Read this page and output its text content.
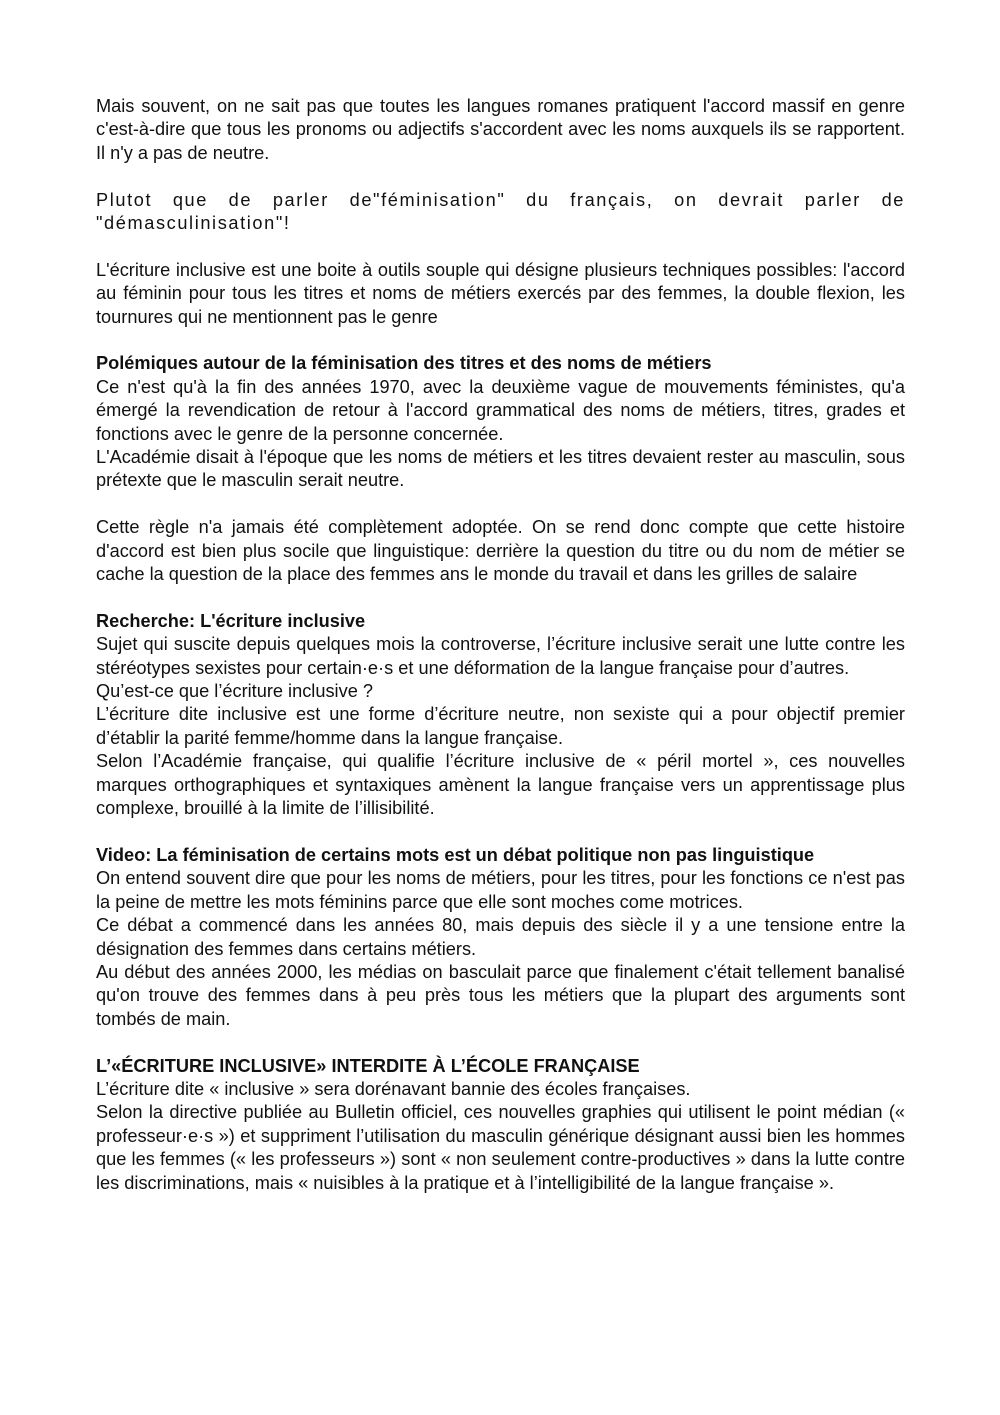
Mais souvent, on ne sait pas que toutes les langues romanes pratiquent l'accord massif en genre c'est-à-dire que tous les pronoms ou adjectifs s'accordent avec les noms auxquels ils se rapportent. Il n'y a pas de neutre.

Plutot que de parler de"féminisation" du français, on devrait parler de "démasculinisation"!

L'écriture inclusive est une boite à outils souple qui désigne plusieurs techniques possibles: l'accord au féminin pour tous les titres et noms de métiers exercés par des femmes, la double flexion, les tournures qui ne mentionnent pas le genre

Polémiques autour de la féminisation des titres et des noms de métiers

Ce n'est qu'à la fin des années 1970, avec la deuxième vague de mouvements féministes, qu'a émergé la revendication de retour à l'accord grammatical des noms de métiers, titres, grades et fonctions avec le genre de la personne concernée.

L'Académie disait à l'époque que les noms de métiers et les titres devaient rester au masculin, sous prétexte que le masculin serait neutre.

Cette règle n'a jamais été complètement adoptée. On se rend donc compte que cette histoire d'accord est bien plus socile que linguistique: derrière la question du titre ou du nom de métier se cache la question de la place des femmes ans le monde du travail et dans les grilles de salaire

Recherche: L'écriture inclusive

Sujet qui suscite depuis quelques mois la controverse, l’écriture inclusive serait une lutte contre les stéréotypes sexistes pour certain·e·s et une déformation de la langue française pour d’autres.

Qu’est-ce que l’écriture inclusive ?

L’écriture dite inclusive est une forme d’écriture neutre, non sexiste qui a pour objectif premier d’établir la parité femme/homme dans la langue française.

Selon l’Académie française, qui qualifie l’écriture inclusive de « péril mortel », ces nouvelles marques orthographiques et syntaxiques amènent la langue française vers un apprentissage plus complexe, brouillé à la limite de l’illisibilité.

Video: La féminisation de certains mots est un débat politique non pas linguistique

On entend souvent dire que pour les noms de métiers, pour les titres, pour les fonctions ce n'est pas la peine de mettre les mots féminins parce que elle sont moches come motrices.

Ce débat a commencé dans les années 80, mais depuis des siècle il y a une tensione entre la désignation des femmes dans certains métiers.

Au début des années 2000, les médias on basculait parce que finalement c'était tellement banalisé qu'on trouve des femmes dans à peu près tous les métiers que la plupart des arguments sont tombés de main.

L’«ÉCRITURE INCLUSIVE» INTERDITE À L’ÉCOLE FRANÇAISE

L’écriture dite « inclusive » sera dorénavant bannie des écoles françaises.

Selon la directive publiée au Bulletin officiel, ces nouvelles graphies qui utilisent le point médian (« professeur·e·s ») et suppriment l’utilisation du masculin générique désignant aussi bien les hommes que les femmes (« les professeurs ») sont « non seulement contre-productives » dans la lutte contre les discriminations, mais « nuisibles à la pratique et à l’intelligibilité de la langue française ».
